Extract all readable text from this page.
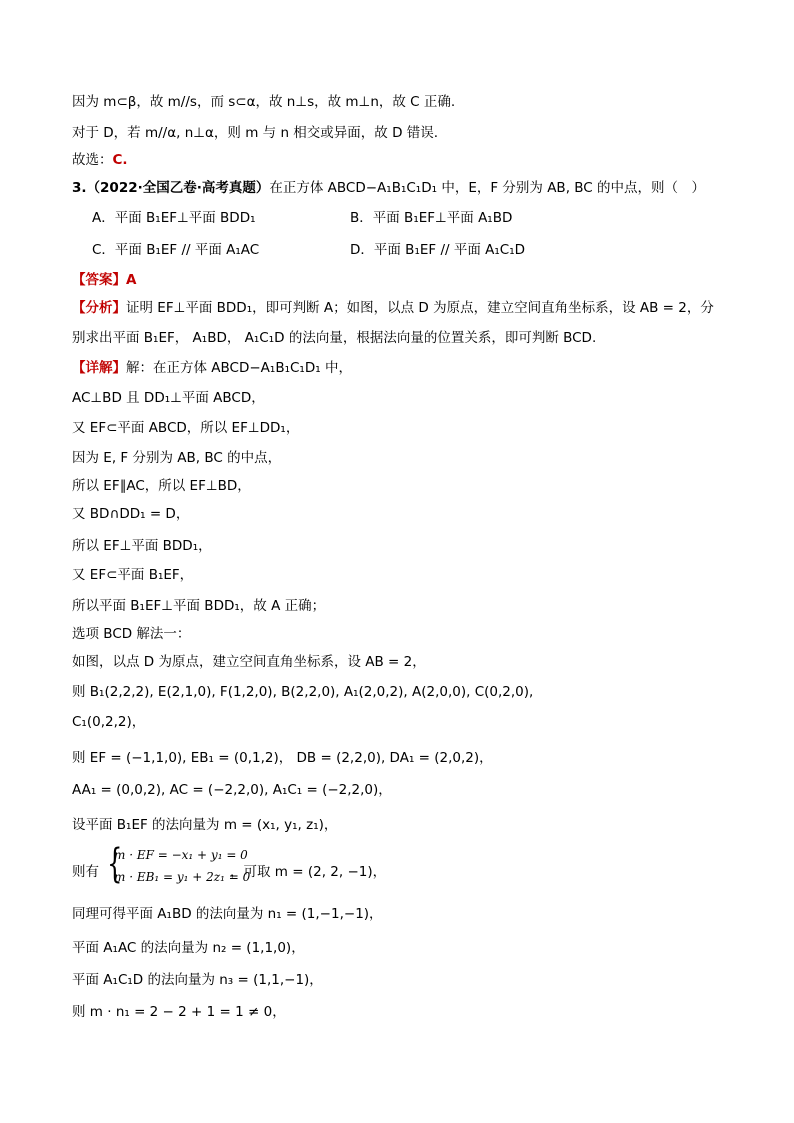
因为 m⊂β，故 m//s，而 s⊂α，故 n⊥s，故 m⊥n，故 C 正确.
对于 D，若 m//α, n⊥α，则 m 与 n 相交或异面，故 D 错误.
故选：C.
3.（2022·全国乙卷·高考真题）在正方体 ABCD−A₁B₁C₁D₁ 中，E，F 分别为 AB, BC 的中点，则（　）
A．平面 B₁EF⊥平面 BDD₁	B．平面 B₁EF⊥平面 A₁BD
C．平面 B₁EF // 平面 A₁AC	D．平面 B₁EF // 平面 A₁C₁D
【答案】A
【分析】证明 EF⊥平面 BDD₁，即可判断 A；如图，以点 D 为原点，建立空间直角坐标系，设 AB = 2，分
别求出平面 B₁EF， A₁BD， A₁C₁D 的法向量，根据法向量的位置关系，即可判断 BCD.
【详解】解：在正方体 ABCD−A₁B₁C₁D₁ 中，
AC⊥BD 且 DD₁⊥平面 ABCD，
又 EF⊂平面 ABCD，所以 EF⊥DD₁，
因为 E, F 分别为 AB, BC 的中点，
所以 EF∥AC，所以 EF⊥BD，
又 BD∩DD₁ = D，
所以 EF⊥平面 BDD₁，
又 EF⊂平面 B₁EF，
所以平面 B₁EF⊥平面 BDD₁，故 A 正确；
选项 BCD 解法一：
如图，以点 D 为原点，建立空间直角坐标系，设 AB = 2，
则 B₁(2,2,2), E(2,1,0), F(1,2,0), B(2,2,0), A₁(2,0,2), A(2,0,0), C(0,2,0),
C₁(0,2,2)，
则 EF = (−1,1,0), EB₁ = (0,1,2)， DB = (2,2,0), DA₁ = (2,0,2)，
AA₁ = (0,0,2), AC = (−2,2,0), A₁C₁ = (−2,2,0)，
设平面 B₁EF 的法向量为 m = (x₁, y₁, z₁)，
则有 {
m · EF = −x₁ + y₁ = 0
m · EB₁ = y₁ + 2z₁ = 0
，可取 m = (2, 2, −1)，
同理可得平面 A₁BD 的法向量为 n₁ = (1,−1,−1)，
平面 A₁AC 的法向量为 n₂ = (1,1,0)，
平面 A₁C₁D 的法向量为 n₃ = (1,1,−1)，
则 m · n₁ = 2 − 2 + 1 = 1 ≠ 0，
